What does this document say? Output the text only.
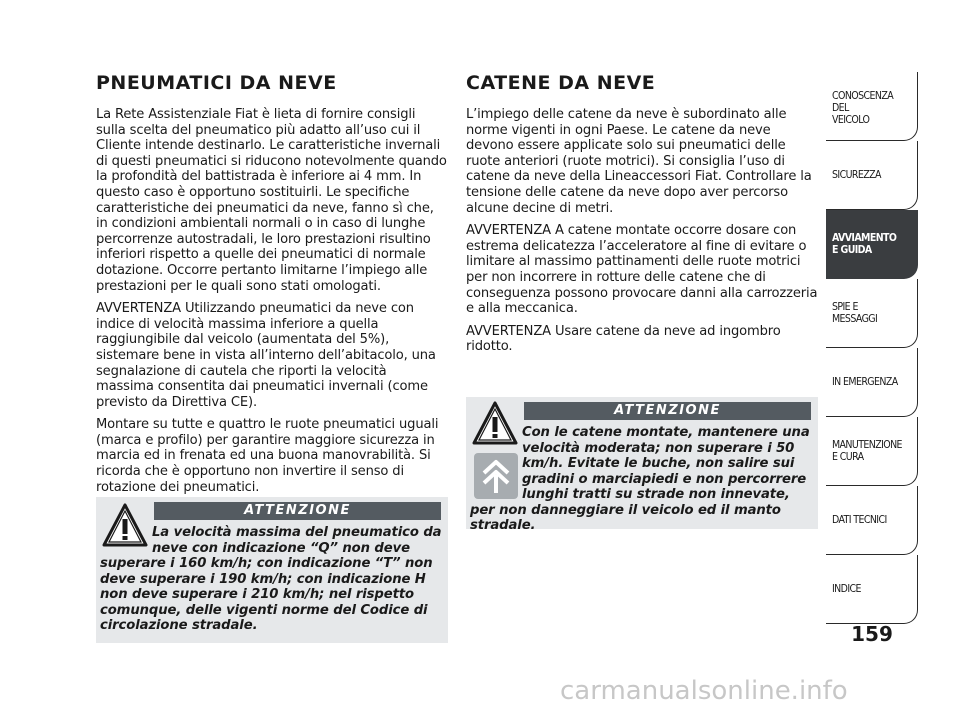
PNEUMATICI DA NEVE

La Rete Assistenziale Fiat è lieta di fornire consigli sulla scelta del pneumatico più adatto all’uso cui il Cliente intende destinarlo. Le caratteristiche invernali di questi pneumatici si riducono notevolmente quando la profondità del battistrada è inferiore ai 4 mm. In questo caso è opportuno sostituirli. Le specifiche caratteristiche dei pneumatici da neve, fanno sì che, in condizioni ambientali normali o in caso di lunghe percorrenze autostradali, le loro prestazioni risultino inferiori rispetto a quelle dei pneumatici di normale dotazione. Occorre pertanto limitarne l’impiego alle prestazioni per le quali sono stati omologati.

AVVERTENZA Utilizzando pneumatici da neve con indice di velocità massima inferiore a quella raggiungibile dal veicolo (aumentata del 5%), sistemare bene in vista all’interno dell’abitacolo, una segnalazione di cautela che riporti la velocità massima consentita dai pneumatici invernali (come previsto da Direttiva CE).

Montare su tutte e quattro le ruote pneumatici uguali (marca e profilo) per garantire maggiore sicurezza in marcia ed in frenata ed una buona manovrabilità. Si ricorda che è opportuno non invertire il senso di rotazione dei pneumatici.

ATTENZIONE
La velocità massima del pneumatico da neve con indicazione “Q” non deve superare i 160 km/h; con indicazione “T” non deve superare i 190 km/h; con indicazione H non deve superare i 210 km/h; nel rispetto comunque, delle vigenti norme del Codice di circolazione stradale.
CATENE DA NEVE

L’impiego delle catene da neve è subordinato alle norme vigenti in ogni Paese. Le catene da neve devono essere applicate solo sui pneumatici delle ruote anteriori (ruote motrici). Si consiglia l’uso di catene da neve della Lineaccessori Fiat. Controllare la tensione delle catene da neve dopo aver percorso alcune decine di metri.

AVVERTENZA A catene montate occorre dosare con estrema delicatezza l’acceleratore al fine di evitare o limitare al massimo pattinamenti delle ruote motrici per non incorrere in rotture delle catene che di conseguenza possono provocare danni alla carrozzeria e alla meccanica.

AVVERTENZA Usare catene da neve ad ingombro ridotto.

ATTENZIONE
Con le catene montate, mantenere una velocità moderata; non superare i 50 km/h. Evitate le buche, non salire sui gradini o marciapiedi e non percorrere lunghi tratti su strade non innevate, per non danneggiare il veicolo ed il manto stradale.
CONOSCENZA
DEL
VEICOLO
SICUREZZA
AVVIAMENTO
E GUIDA
SPIE E
MESSAGGI
IN EMERGENZA
MANUTENZIONE
E CURA
DATI TECNICI
INDICE
159
carmanualsonline.info
